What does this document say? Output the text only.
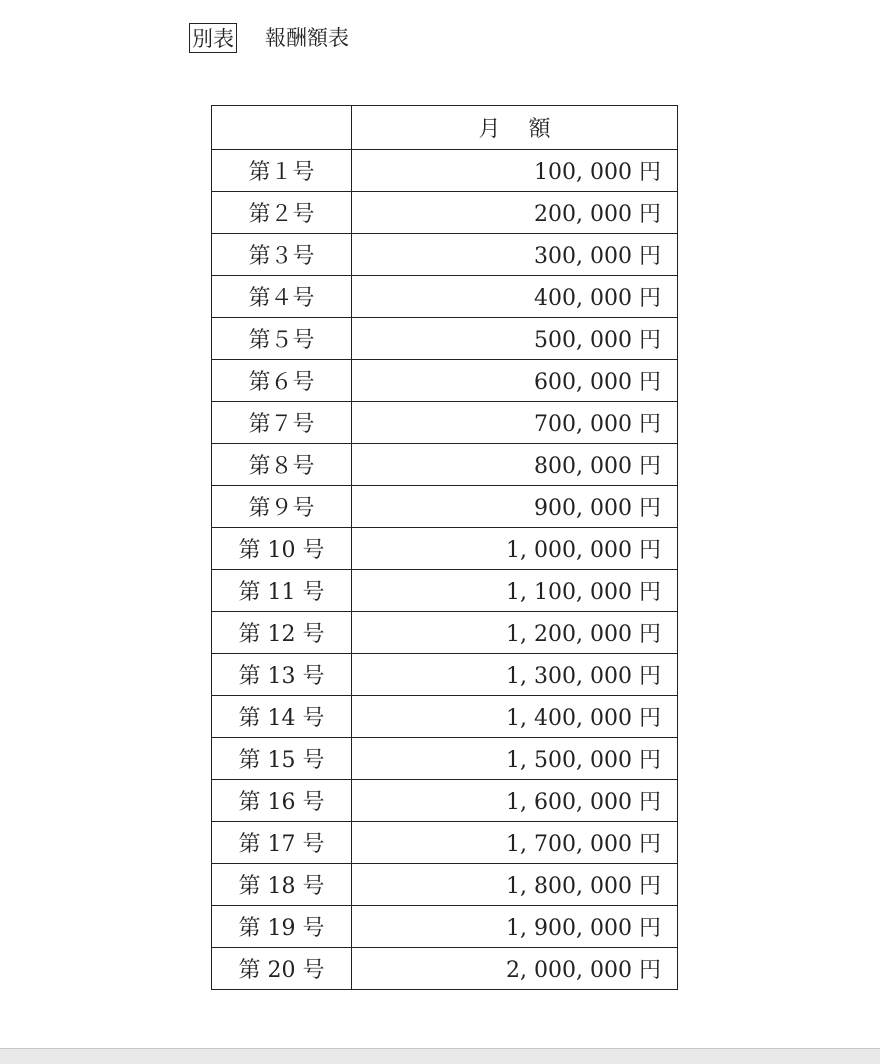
別表 報酬額表
	月額
第１号	100, 000 円
第２号	200, 000 円
第３号	300, 000 円
第４号	400, 000 円
第５号	500, 000 円
第６号	600, 000 円
第７号	700, 000 円
第８号	800, 000 円
第９号	900, 000 円
第 10 号	1, 000, 000 円
第 11 号	1, 100, 000 円
第 12 号	1, 200, 000 円
第 13 号	1, 300, 000 円
第 14 号	1, 400, 000 円
第 15 号	1, 500, 000 円
第 16 号	1, 600, 000 円
第 17 号	1, 700, 000 円
第 18 号	1, 800, 000 円
第 19 号	1, 900, 000 円
第 20 号	2, 000, 000 円
